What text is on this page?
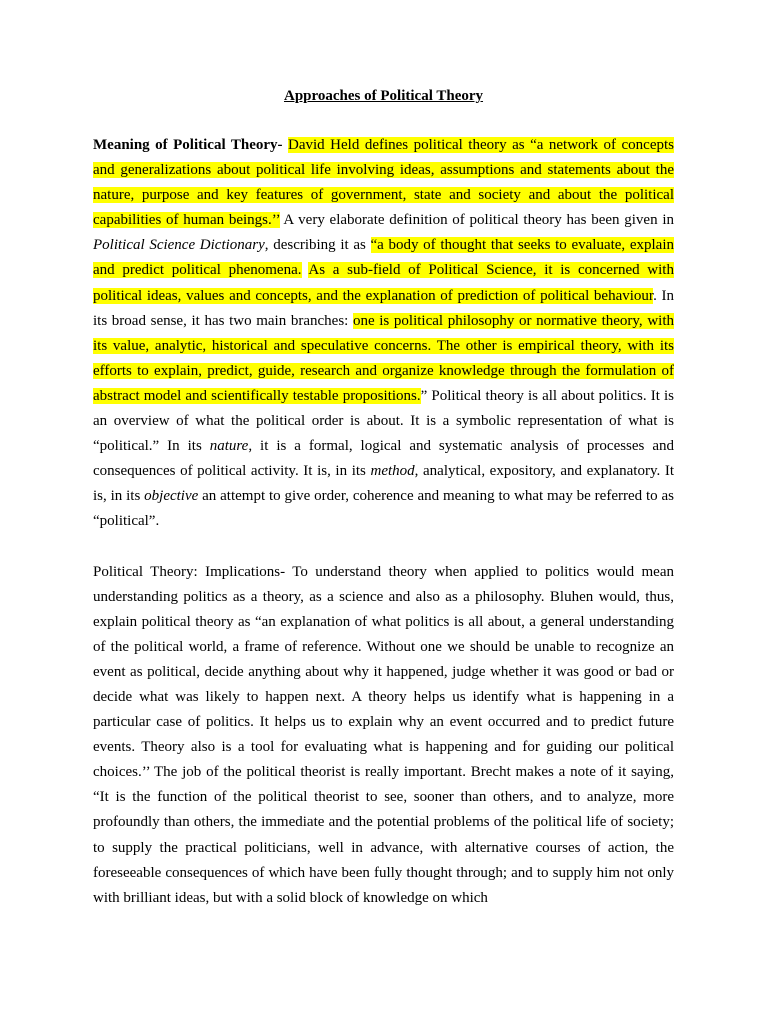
Approaches of Political Theory

Meaning of Political Theory- David Held defines political theory as “a network of concepts and generalizations about political life involving ideas, assumptions and statements about the nature, purpose and key features of government, state and society and about the political capabilities of human beings.’’ A very elaborate definition of political theory has been given in Political Science Dictionary, describing it as “a body of thought that seeks to evaluate, explain and predict political phenomena. As a sub-field of Political Science, it is concerned with political ideas, values and concepts, and the explanation of prediction of political behaviour. In its broad sense, it has two main branches: one is political philosophy or normative theory, with its value, analytic, historical and speculative concerns. The other is empirical theory, with its efforts to explain, predict, guide, research and organize knowledge through the formulation of abstract model and scientifically testable propositions.” Political theory is all about politics. It is an overview of what the political order is about. It is a symbolic representation of what is “political.” In its nature, it is a formal, logical and systematic analysis of processes and consequences of political activity. It is, in its method, analytical, expository, and explanatory. It is, in its objective an attempt to give order, coherence and meaning to what may be referred to as “political”.

Political Theory: Implications- To understand theory when applied to politics would mean understanding politics as a theory, as a science and also as a philosophy. Bluhen would, thus, explain political theory as “an explanation of what politics is all about, a general understanding of the political world, a frame of reference. Without one we should be unable to recognize an event as political, decide anything about why it happened, judge whether it was good or bad or decide what was likely to happen next. A theory helps us identify what is happening in a particular case of politics. It helps us to explain why an event occurred and to predict future events. Theory also is a tool for evaluating what is happening and for guiding our political choices.’’ The job of the political theorist is really important. Brecht makes a note of it saying, “It is the function of the political theorist to see, sooner than others, and to analyze, more profoundly than others, the immediate and the potential problems of the political life of society; to supply the practical politicians, well in advance, with alternative courses of action, the foreseeable consequences of which have been fully thought through; and to supply him not only with brilliant ideas, but with a solid block of knowledge on which
